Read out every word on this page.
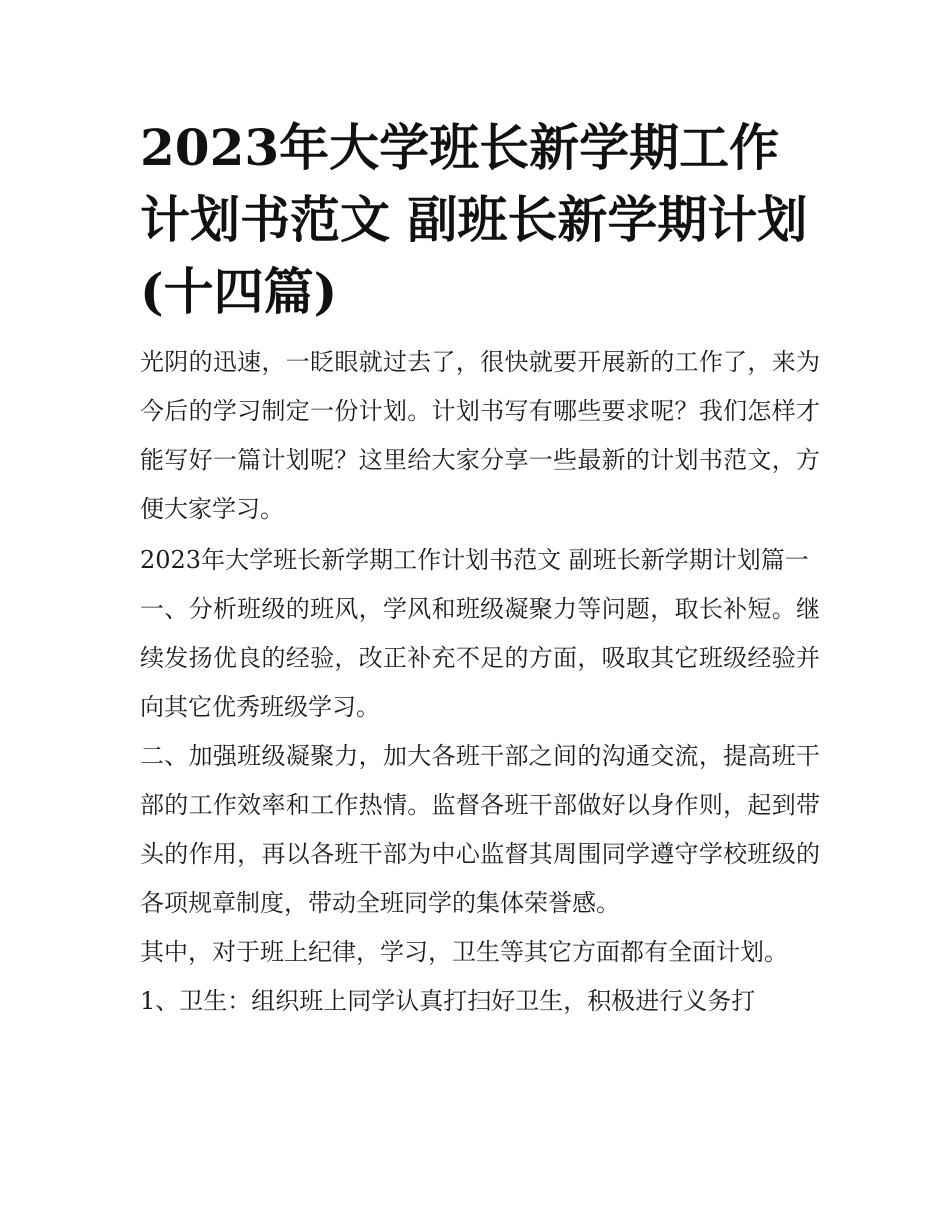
2023年大学班长新学期工作计划书范文 副班长新学期计划(十四篇)

光阴的迅速，一眨眼就过去了，很快就要开展新的工作了，来为今后的学习制定一份计划。计划书写有哪些要求呢？我们怎样才能写好一篇计划呢？这里给大家分享一些最新的计划书范文，方便大家学习。

2023年大学班长新学期工作计划书范文 副班长新学期计划篇一

一、分析班级的班风，学风和班级凝聚力等问题，取长补短。继续发扬优良的经验，改正补充不足的方面，吸取其它班级经验并向其它优秀班级学习。

二、加强班级凝聚力，加大各班干部之间的沟通交流，提高班干部的工作效率和工作热情。监督各班干部做好以身作则，起到带头的作用，再以各班干部为中心监督其周围同学遵守学校班级的各项规章制度，带动全班同学的集体荣誉感。

其中，对于班上纪律，学习，卫生等其它方面都有全面计划。

1、卫生：组织班上同学认真打扫好卫生，积极进行义务打
